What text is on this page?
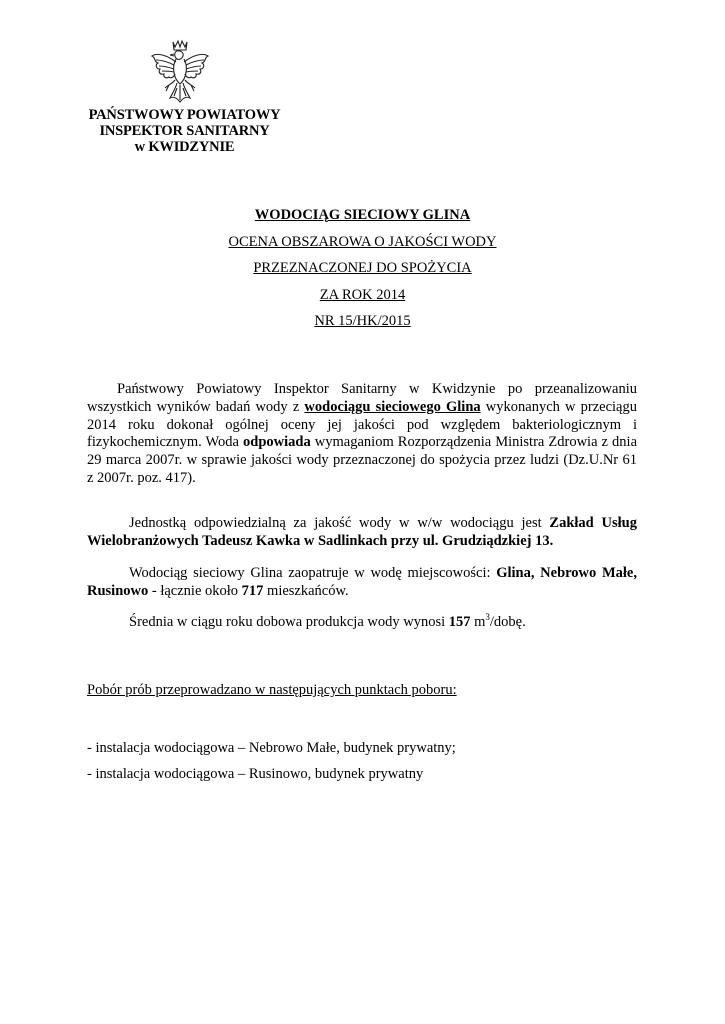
PAŃSTWOWY POWIATOWY
INSPEKTOR SANITARNY
w KWIDZYNIE
WODOCIĄG SIECIOWY GLINA
OCENA OBSZAROWA O JAKOŚCI WODY
PRZEZNACZONEJ DO SPOŻYCIA
ZA ROK 2014
NR 15/HK/2015
Państwowy Powiatowy Inspektor Sanitarny w Kwidzynie po przeanalizowaniu wszystkich wyników badań wody z wodociągu sieciowego Glina wykonanych w przeciągu 2014 roku dokonał ogólnej oceny jej jakości pod względem bakteriologicznym i fizykochemicznym. Woda odpowiada wymaganiom Rozporządzenia Ministra Zdrowia z dnia 29 marca 2007r. w sprawie jakości wody przeznaczonej do spożycia przez ludzi (Dz.U.Nr 61 z 2007r. poz. 417).
Jednostką odpowiedzialną za jakość wody w w/w wodociągu jest Zakład Usług Wielobranżowych Tadeusz Kawka w Sadlinkach przy ul. Grudziądzkiej 13.
Wodociąg sieciowy Glina zaopatruje w wodę miejscowości: Glina, Nebrowo Małe, Rusinowo - łącznie około 717 mieszkańców.
Średnia w ciągu roku dobowa produkcja wody wynosi 157 $m^3$/dobę.
Pobór prób przeprowadzano w następujących punktach poboru:
- instalacja wodociągowa – Nebrowo Małe, budynek prywatny;
- instalacja wodociągowa – Rusinowo, budynek prywatny
